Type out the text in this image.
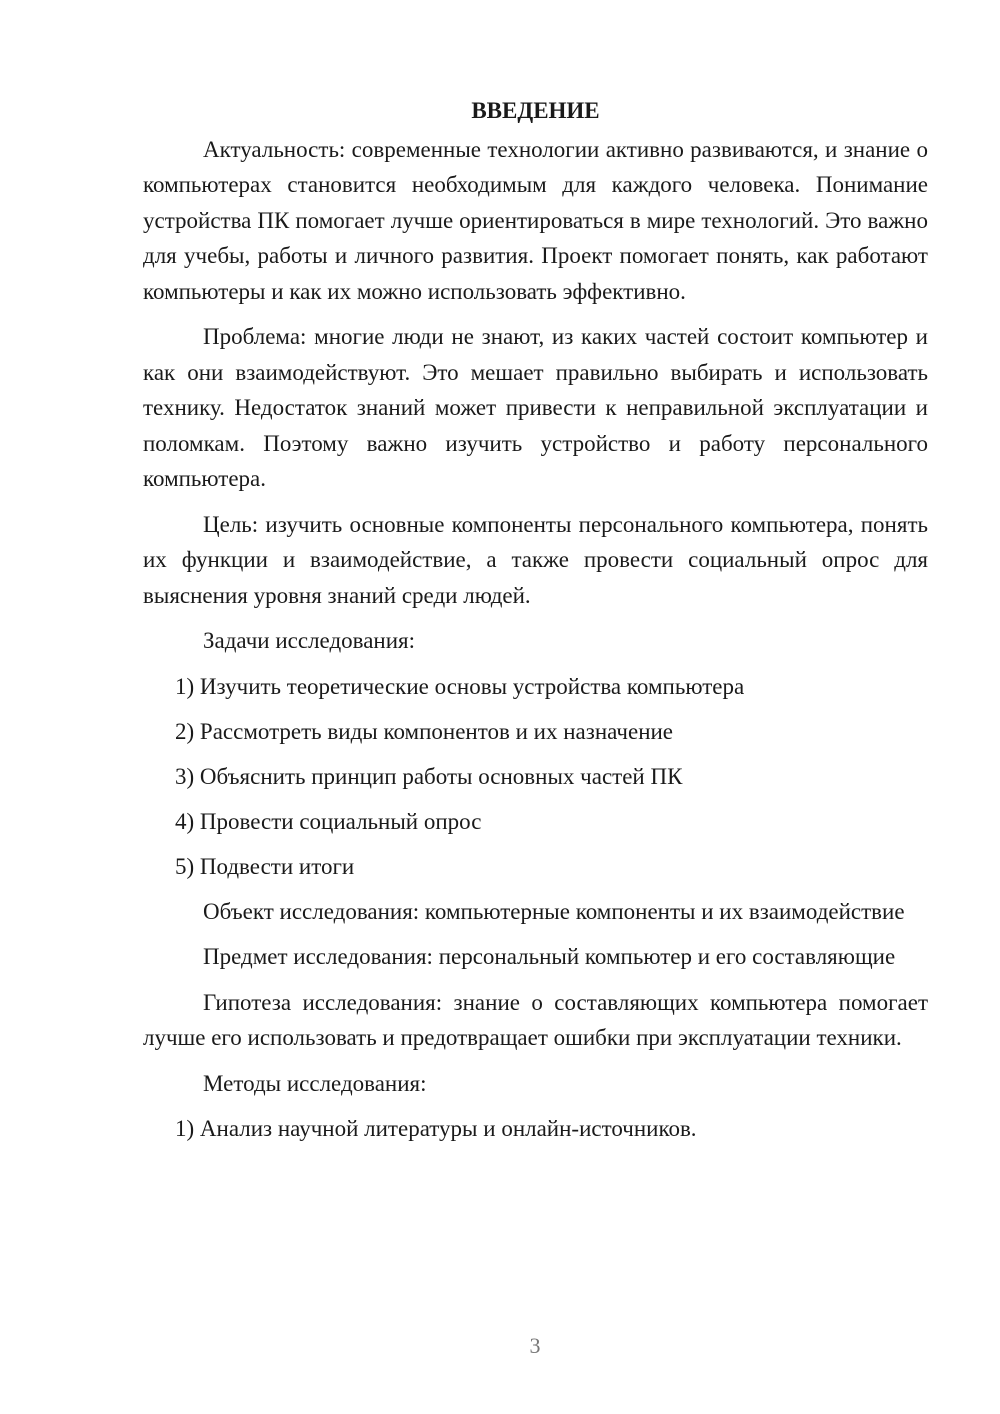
ВВЕДЕНИЕ

Актуальность: современные технологии активно развиваются, и знание о компьютерах становится необходимым для каждого человека. Понимание устройства ПК помогает лучше ориентироваться в мире технологий. Это важно для учебы, работы и личного развития. Проект помогает понять, как работают компьютеры и как их можно использовать эффективно.

Проблема: многие люди не знают, из каких частей состоит компьютер и как они взаимодействуют. Это мешает правильно выбирать и использовать технику. Недостаток знаний может привести к неправильной эксплуатации и поломкам. Поэтому важно изучить устройство и работу персонального компьютера.

Цель: изучить основные компоненты персонального компьютера, понять их функции и взаимодействие, а также провести социальный опрос для выяснения уровня знаний среди людей.

Задачи исследования:
1) Изучить теоретические основы устройства компьютера
2) Рассмотреть виды компонентов и их назначение
3) Объяснить принцип работы основных частей ПК
4) Провести социальный опрос
5) Подвести итоги

Объект исследования: компьютерные компоненты и их взаимодействие

Предмет исследования: персональный компьютер и его составляющие

Гипотеза исследования: знание о составляющих компьютера помогает лучше его использовать и предотвращает ошибки при эксплуатации техники.

Методы исследования:
1) Анализ научной литературы и онлайн-источников.
3
